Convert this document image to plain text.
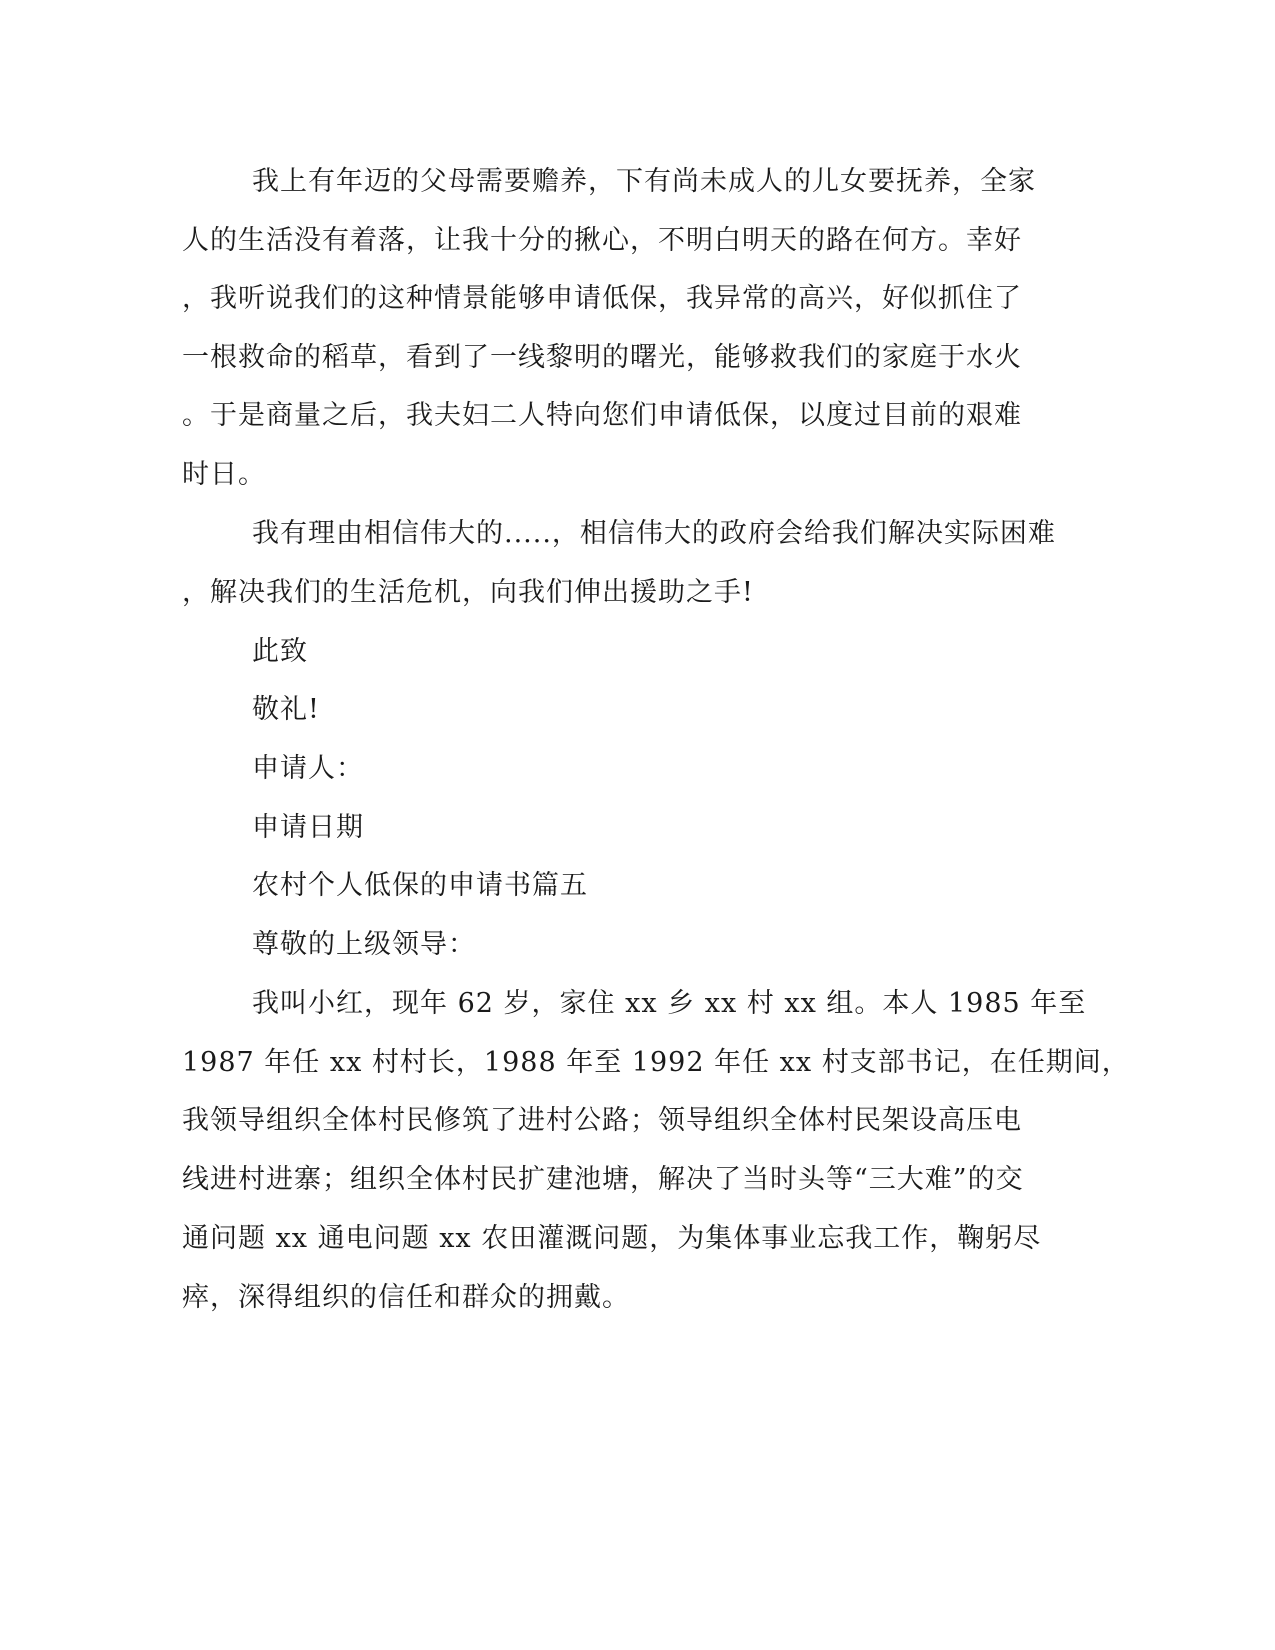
我上有年迈的父母需要赡养，下有尚未成人的儿女要抚养，全家
人的生活没有着落，让我十分的揪心，不明白明天的路在何方。幸好
，我听说我们的这种情景能够申请低保，我异常的高兴，好似抓住了
一根救命的稻草，看到了一线黎明的曙光，能够救我们的家庭于水火
。于是商量之后，我夫妇二人特向您们申请低保，以度过目前的艰难
时日。
我有理由相信伟大的.....，相信伟大的政府会给我们解决实际困难
，解决我们的生活危机，向我们伸出援助之手!
此致
敬礼!
申请人：
申请日期
农村个人低保的申请书篇五
尊敬的上级领导：
我叫小红，现年 62 岁，家住 xx 乡 xx 村 xx 组。本人 1985 年至
1987 年任 xx 村村长，1988 年至 1992 年任 xx 村支部书记，在任期间，
我领导组织全体村民修筑了进村公路；领导组织全体村民架设高压电
线进村进寨；组织全体村民扩建池塘，解决了当时头等“三大难”的交
通问题 xx 通电问题 xx 农田灌溉问题，为集体事业忘我工作，鞠躬尽
瘁，深得组织的信任和群众的拥戴。
